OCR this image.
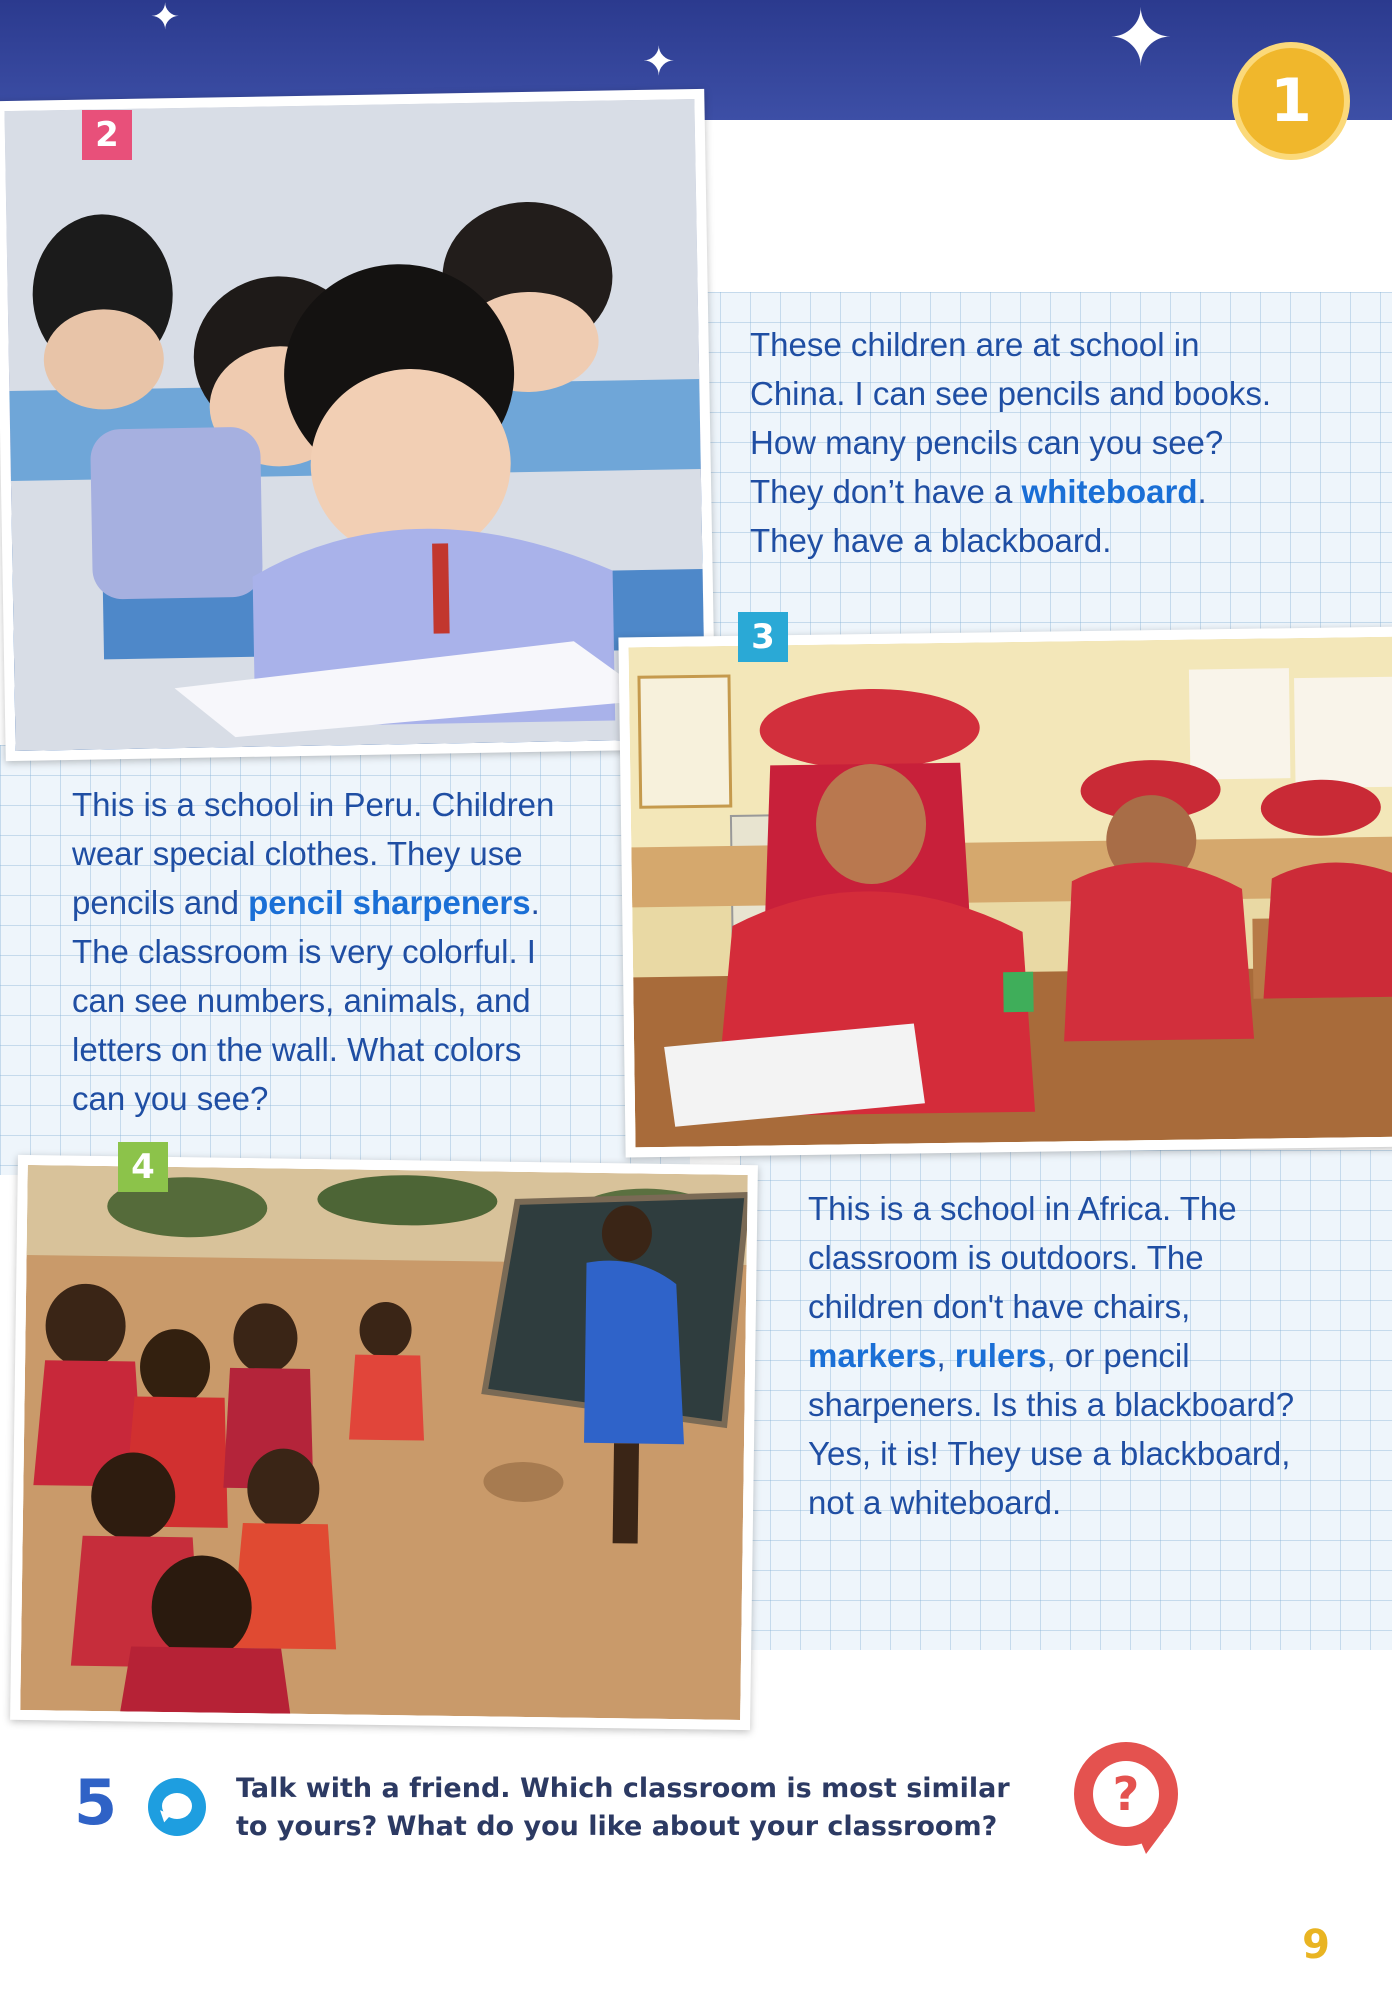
✦
✦	✦
1
2
These children are at school in
China. I can see pencils and books.
How many pencils can you see?
They don’t have a whiteboard.
They have a blackboard.
3
This is a school in Peru. Children
wear special clothes. They use
pencils and pencil sharpeners.
The classroom is very colorful. I
can see numbers, animals, and
letters on the wall. What colors
can you see?
4
This is a school in Africa. The
classroom is outdoors. The
children don't have chairs,
markers, rulers, or pencil
sharpeners. Is this a blackboard?
Yes, it is! They use a blackboard,
not a whiteboard.
5	Talk with a friend. Which classroom is most similar
to yours? What do you like about your classroom?
?
9
